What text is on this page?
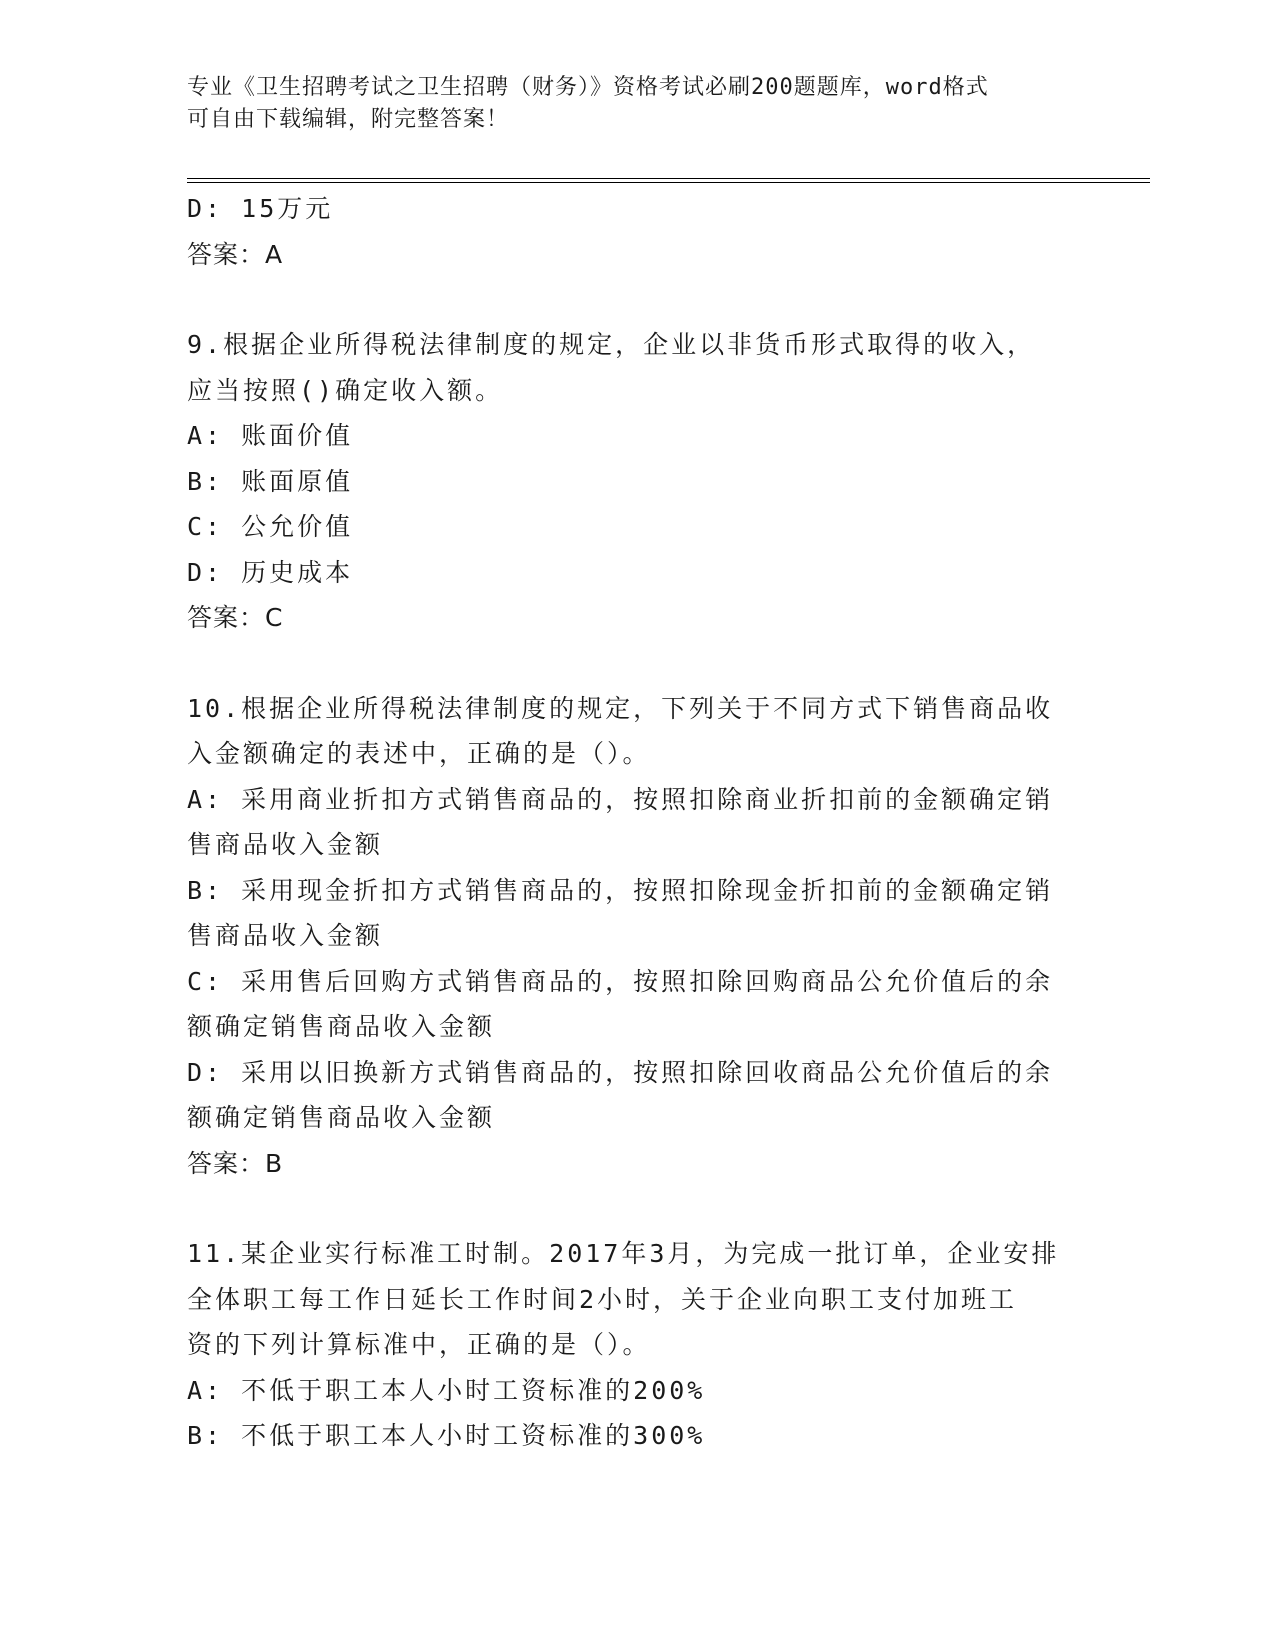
专业《卫生招聘考试之卫生招聘（财务）》资格考试必刷200题题库，word格式
可自由下载编辑，附完整答案！
D: 15万元
答案：A
9.根据企业所得税法律制度的规定，企业以非货币形式取得的收入，
应当按照()确定收入额。
A: 账面价值
B: 账面原值
C: 公允价值
D: 历史成本
答案：C
10.根据企业所得税法律制度的规定，下列关于不同方式下销售商品收
入金额确定的表述中，正确的是（）。
A: 采用商业折扣方式销售商品的，按照扣除商业折扣前的金额确定销
售商品收入金额
B: 采用现金折扣方式销售商品的，按照扣除现金折扣前的金额确定销
售商品收入金额
C: 采用售后回购方式销售商品的，按照扣除回购商品公允价值后的余
额确定销售商品收入金额
D: 采用以旧换新方式销售商品的，按照扣除回收商品公允价值后的余
额确定销售商品收入金额
答案：B
11.某企业实行标准工时制。2017年3月，为完成一批订单，企业安排
全体职工每工作日延长工作时间2小时，关于企业向职工支付加班工
资的下列计算标准中，正确的是（）。
A: 不低于职工本人小时工资标准的200%
B: 不低于职工本人小时工资标准的300%
